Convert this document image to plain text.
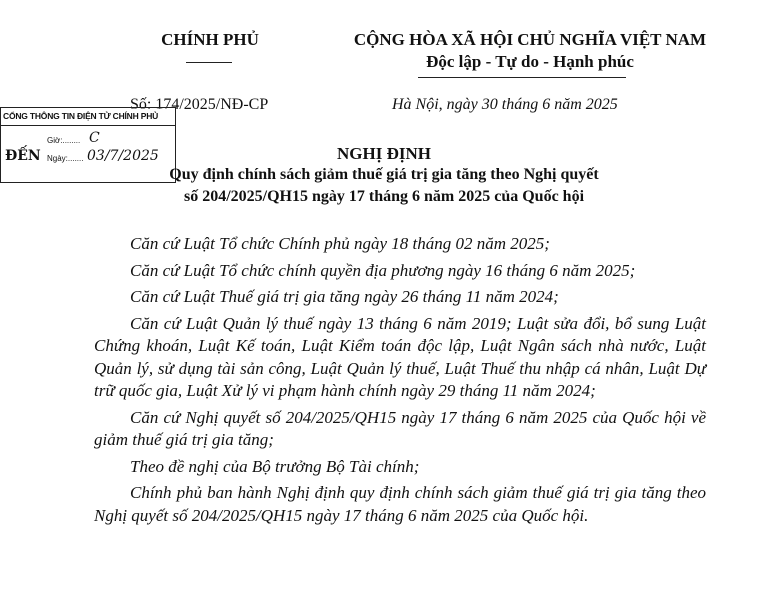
CHÍNH PHỦ	CỘNG HÒA XÃ HỘI CHỦ NGHĨA VIỆT NAM
Độc lập - Tự do - Hạnh phúc
Số: 174/2025/NĐ-CP	Hà Nội, ngày 30 tháng 6 năm 2025
CỔNG THÔNG TIN ĐIỆN TỬ CHÍNH PHỦ
ĐẾN
Giờ:........ C
Ngày:....... 03/7/2025	NGHỊ ĐỊNH
Quy định chính sách giảm thuế giá trị gia tăng theo Nghị quyết
số 204/2025/QH15 ngày 17 tháng 6 năm 2025 của Quốc hội

Căn cứ Luật Tổ chức Chính phủ ngày 18 tháng 02 năm 2025;

Căn cứ Luật Tổ chức chính quyền địa phương ngày 16 tháng 6 năm 2025;

Căn cứ Luật Thuế giá trị gia tăng ngày 26 tháng 11 năm 2024;

Căn cứ Luật Quản lý thuế ngày 13 tháng 6 năm 2019; Luật sửa đổi, bổ sung Luật Chứng khoán, Luật Kế toán, Luật Kiểm toán độc lập, Luật Ngân sách nhà nước, Luật Quản lý, sử dụng tài sản công, Luật Quản lý thuế, Luật Thuế thu nhập cá nhân, Luật Dự trữ quốc gia, Luật Xử lý vi phạm hành chính ngày 29 tháng 11 năm 2024;

Căn cứ Nghị quyết số 204/2025/QH15 ngày 17 tháng 6 năm 2025 của Quốc hội về giảm thuế giá trị gia tăng;

Theo đề nghị của Bộ trưởng Bộ Tài chính;

Chính phủ ban hành Nghị định quy định chính sách giảm thuế giá trị gia tăng theo Nghị quyết số 204/2025/QH15 ngày 17 tháng 6 năm 2025 của Quốc hội.
